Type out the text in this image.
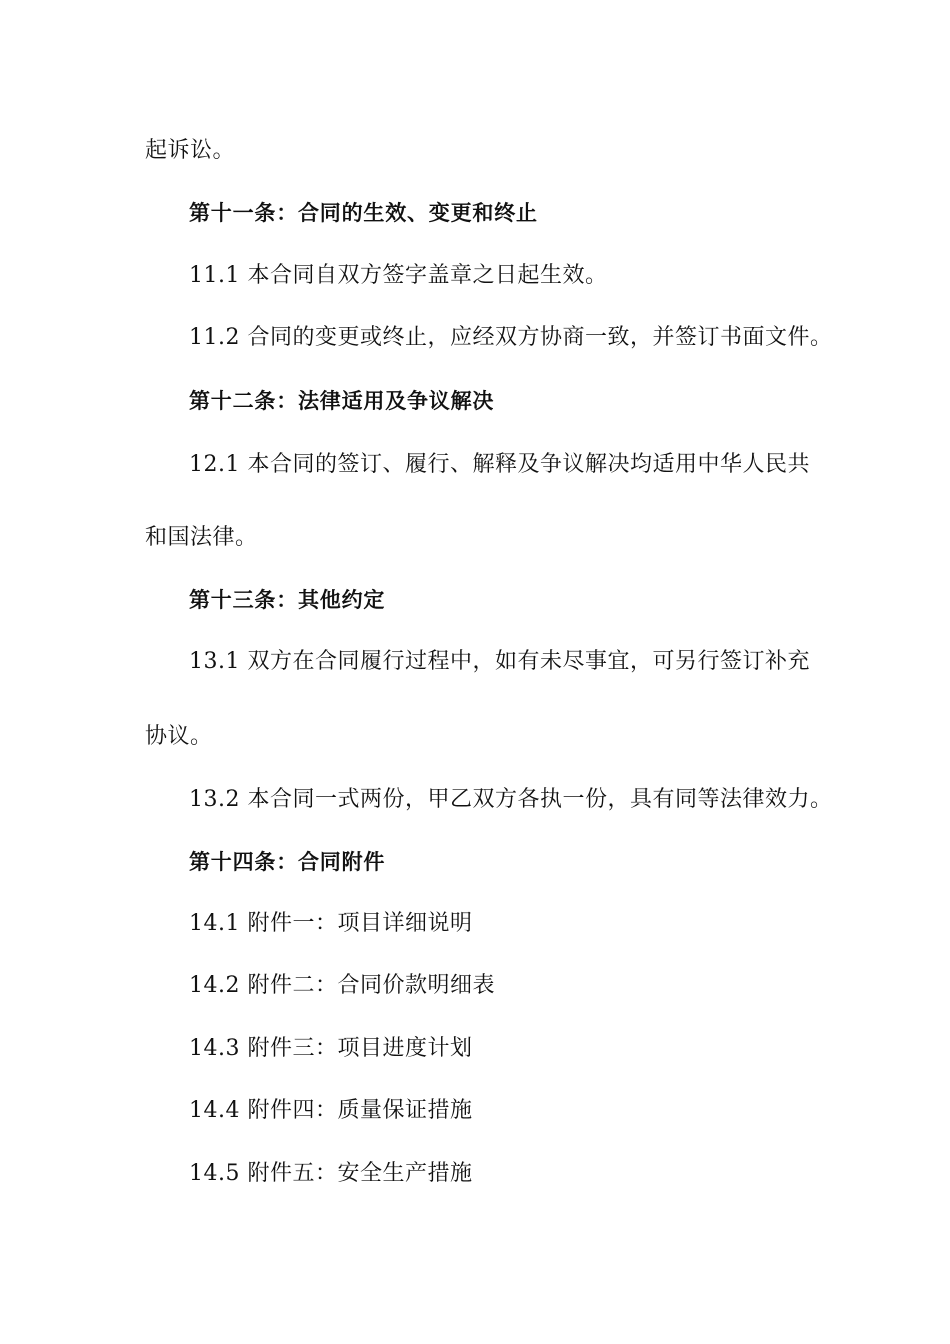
起诉讼。
第十一条：合同的生效、变更和终止
11.1 本合同自双方签字盖章之日起生效。
11.2 合同的变更或终止，应经双方协商一致，并签订书面文件。
第十二条：法律适用及争议解决
12.1 本合同的签订、履行、解释及争议解决均适用中华人民共
和国法律。
第十三条：其他约定
13.1 双方在合同履行过程中，如有未尽事宜，可另行签订补充
协议。
13.2 本合同一式两份，甲乙双方各执一份，具有同等法律效力。
第十四条：合同附件
14.1 附件一：项目详细说明
14.2 附件二：合同价款明细表
14.3 附件三：项目进度计划
14.4 附件四：质量保证措施
14.5 附件五：安全生产措施
